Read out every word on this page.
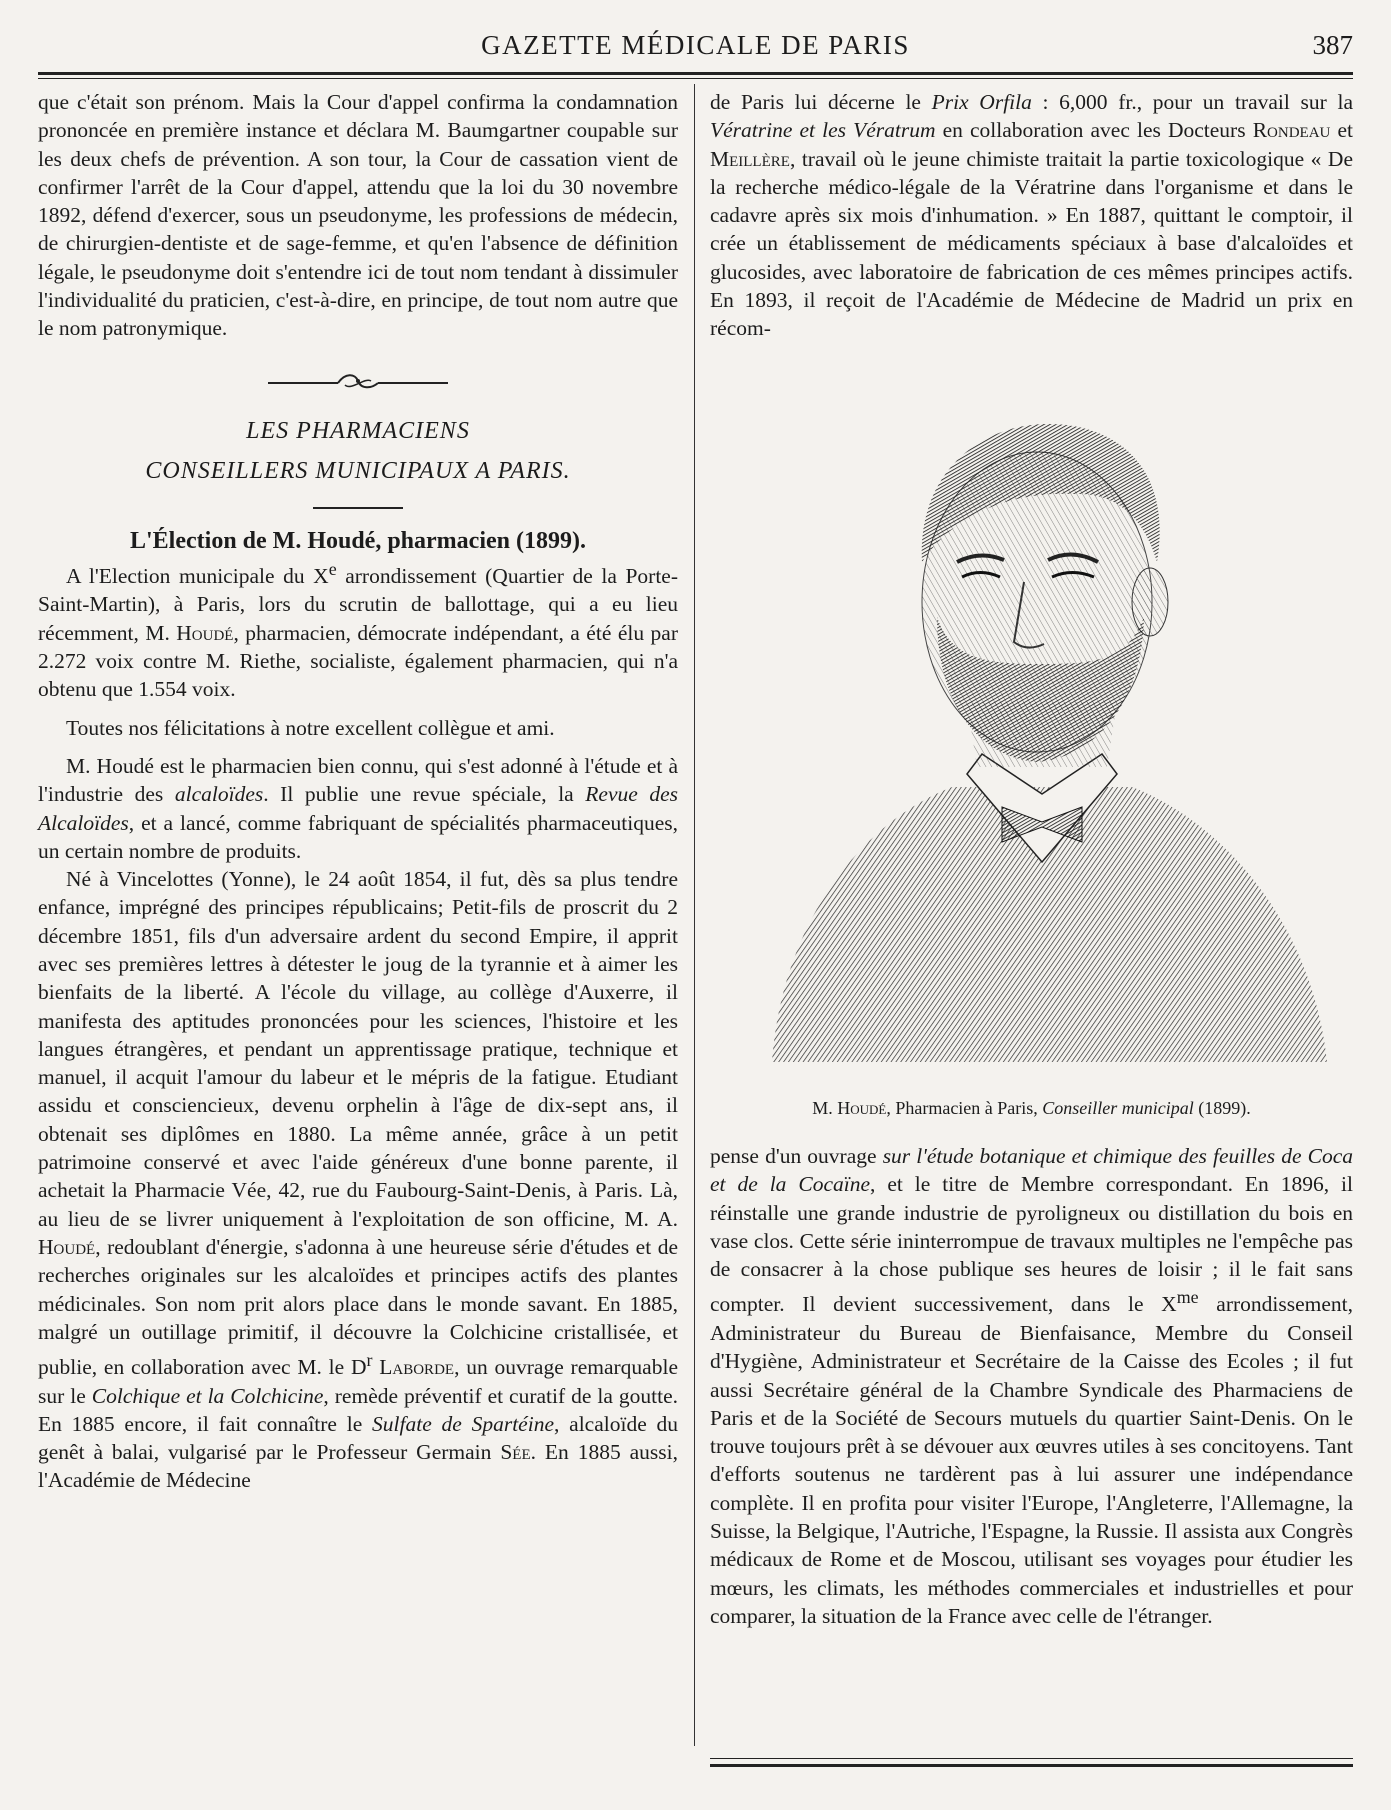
GAZETTE MÉDICALE DE PARIS	387

que c'était son prénom. Mais la Cour d'appel confirma la condamnation prononcée en première instance et déclara M. Baumgartner coupable sur les deux chefs de prévention. A son tour, la Cour de cassation vient de confirmer l'arrêt de la Cour d'appel, attendu que la loi du 30 novembre 1892, défend d'exercer, sous un pseudonyme, les professions de médecin, de chirurgien-dentiste et de sage-femme, et qu'en l'absence de définition légale, le pseudonyme doit s'entendre ici de tout nom tendant à dissimuler l'individualité du praticien, c'est-à-dire, en principe, de tout nom autre que le nom patronymique.

LES PHARMACIENS

CONSEILLERS MUNICIPAUX A PARIS.

L'Élection de M. Houdé, pharmacien (1899).

A l'Election municipale du Xe arrondissement (Quartier de la Porte-Saint-Martin), à Paris, lors du scrutin de ballottage, qui a eu lieu récemment, M. Houdé, pharmacien, démocrate indépendant, a été élu par 2.272 voix contre M. Riethe, socialiste, également pharmacien, qui n'a obtenu que 1.554 voix.

Toutes nos félicitations à notre excellent collègue et ami.

M. Houdé est le pharmacien bien connu, qui s'est adonné à l'étude et à l'industrie des alcaloïdes. Il publie une revue spéciale, la Revue des Alcaloïdes, et a lancé, comme fabriquant de spécialités pharmaceutiques, un certain nombre de produits.

Né à Vincelottes (Yonne), le 24 août 1854, il fut, dès sa plus tendre enfance, imprégné des principes républicains; Petit-fils de proscrit du 2 décembre 1851, fils d'un adversaire ardent du second Empire, il apprit avec ses premières lettres à détester le joug de la tyrannie et à aimer les bienfaits de la liberté. A l'école du village, au collège d'Auxerre, il manifesta des aptitudes prononcées pour les sciences, l'histoire et les langues étrangères, et pendant un apprentissage pratique, technique et manuel, il acquit l'amour du labeur et le mépris de la fatigue. Etudiant assidu et consciencieux, devenu orphelin à l'âge de dix-sept ans, il obtenait ses diplômes en 1880. La même année, grâce à un petit patrimoine conservé et avec l'aide généreux d'une bonne parente, il achetait la Pharmacie Vée, 42, rue du Faubourg-Saint-Denis, à Paris. Là, au lieu de se livrer uniquement à l'exploitation de son officine, M. A. Houdé, redoublant d'énergie, s'adonna à une heureuse série d'études et de recherches originales sur les alcaloïdes et principes actifs des plantes médicinales. Son nom prit alors place dans le monde savant. En 1885, malgré un outillage primitif, il découvre la Colchicine cristallisée, et publie, en collaboration avec M. le $D^r$ Laborde, un ouvrage remarquable sur le Colchique et la Colchicine, remède préventif et curatif de la goutte. En 1885 encore, il fait connaître le Sulfate de Spartéine, alcaloïde du genêt à balai, vulgarisé par le Professeur Germain Sée. En 1885 aussi, l'Académie de Médecine

de Paris lui décerne le Prix Orfila : 6,000 fr., pour un travail sur la Vératrine et les Vératrum en collaboration avec les Docteurs Rondeau et Meillère, travail où le jeune chimiste traitait la partie toxicologique « De la recherche médico-légale de la Vératrine dans l'organisme et dans le cadavre après six mois d'inhumation. » En 1887, quittant le comptoir, il crée un établissement de médicaments spéciaux à base d'alcaloïdes et glucosides, avec laboratoire de fabrication de ces mêmes principes actifs. En 1893, il reçoit de l'Académie de Médecine de Madrid un prix en récom-

M. Houdé, Pharmacien à Paris, Conseiller municipal (1899).

pense d'un ouvrage sur l'étude botanique et chimique des feuilles de Coca et de la Cocaïne, et le titre de Membre correspondant. En 1896, il réinstalle une grande industrie de pyroligneux ou distillation du bois en vase clos. Cette série ininterrompue de travaux multiples ne l'empêche pas de consacrer à la chose publique ses heures de loisir ; il le fait sans compter. Il devient successivement, dans le $X^{me}$ arrondissement, Administrateur du Bureau de Bienfaisance, Membre du Conseil d'Hygiène, Administrateur et Secrétaire de la Caisse des Ecoles ; il fut aussi Secrétaire général de la Chambre Syndicale des Pharmaciens de Paris et de la Société de Secours mutuels du quartier Saint-Denis. On le trouve toujours prêt à se dévouer aux œuvres utiles à ses concitoyens. Tant d'efforts soutenus ne tardèrent pas à lui assurer une indépendance complète. Il en profita pour visiter l'Europe, l'Angleterre, l'Allemagne, la Suisse, la Belgique, l'Autriche, l'Espagne, la Russie. Il assista aux Congrès médicaux de Rome et de Moscou, utilisant ses voyages pour étudier les mœurs, les climats, les méthodes commerciales et industrielles et pour comparer, la situation de la France avec celle de l'étranger.
